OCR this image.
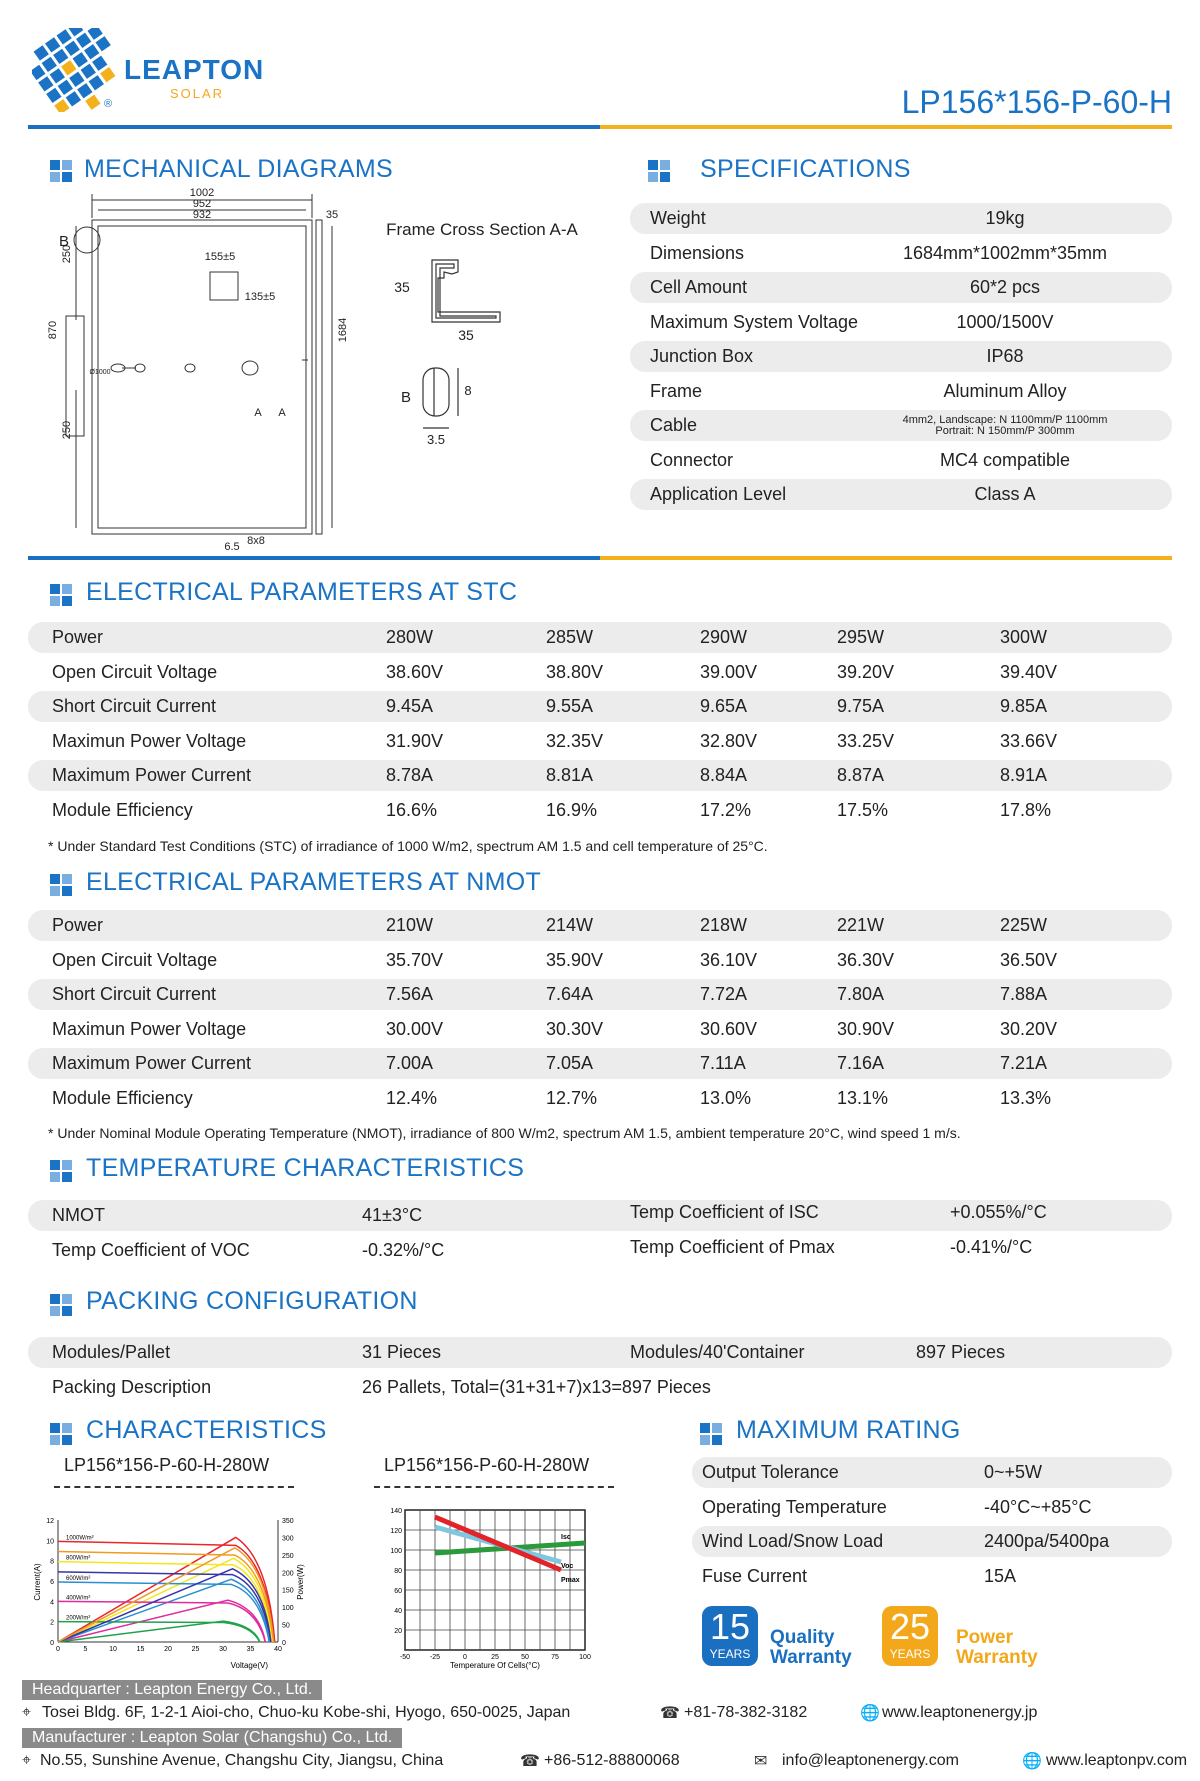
LEAPTON
SOLAR
®	LP156*156-P-60-H
MECHANICAL DIAGRAMS
1002
952
932	35
155±5
135±5
250
870	1684
250
6.5 8x8
A A
B
Ø1000
Frame Cross Section A-A
35
35
B	8
3.5
SPECIFICATIONS
Weight	19kg
Dimensions	1684mm*1002mm*35mm
Cell Amount	60*2 pcs
Maximum System Voltage	1000/1500V
Junction Box	IP68
Frame	Aluminum Alloy
Cable	4mm2, Landscape: N 1100mm/P 1100mm
Portrait: N 150mm/P 300mm
Connector	MC4 compatible
Application Level	Class A
ELECTRICAL PARAMETERS AT STC
Power	280W	285W	290W	295W	300W
Open Circuit Voltage	38.60V	38.80V	39.00V	39.20V	39.40V
Short Circuit Current	9.45A	9.55A	9.65A	9.75A	9.85A
Maximun Power Voltage	31.90V	32.35V	32.80V	33.25V	33.66V
Maximum Power Current	8.78A	8.81A	8.84A	8.87A	8.91A
Module Efficiency	16.6%	16.9%	17.2%	17.5%	17.8%
* Under Standard Test Conditions (STC) of irradiance of 1000 W/m2, spectrum AM 1.5 and cell temperature of 25°C.
ELECTRICAL PARAMETERS AT NMOT
Power	210W	214W	218W	221W	225W
Open Circuit Voltage	35.70V	35.90V	36.10V	36.30V	36.50V
Short Circuit Current	7.56A	7.64A	7.72A	7.80A	7.88A
Maximun Power Voltage	30.00V	30.30V	30.60V	30.90V	30.20V
Maximum Power Current	7.00A	7.05A	7.11A	7.16A	7.21A
Module Efficiency	12.4%	12.7%	13.0%	13.1%	13.3%
* Under Nominal Module Operating Temperature (NMOT), irradiance of 800 W/m2, spectrum AM 1.5, ambient temperature 20°C, wind speed 1 m/s.
TEMPERATURE CHARACTERISTICS
NMOT	41±3°C	Temp Coefficient of ISC	+0.055%/°C
Temp Coefficient of VOC	-0.32%/°C	Temp Coefficient of Pmax	-0.41%/°C
PACKING CONFIGURATION
Modules/Pallet	31 Pieces	Modules/40'Container	897 Pieces
Packing Description	26 Pallets, Total=(31+31+7)x13=897 Pieces
CHARACTERISTICS
LP156*156-P-60-H-280W	LP156*156-P-60-H-280W
0
2
4
6
8
10
12
0
50
100
150
200
250
300
350
0	5	10	15	20	25	30	35	40
Voltage(V)
Current(A)	Power(W)
1000W/m²
800W/m²
600W/m²
400W/m²
200W/m²
20
40
60
80
100
120
140
-50	-25	0	25	50	75	100
Temperature Of Cells(°C)
Isc
Voc
Pmax
MAXIMUM RATING
Output Tolerance	0~+5W
Operating Temperature	-40°C~+85°C
Wind Load/Snow Load	2400pa/5400pa
Fuse Current	15A
15
YEARS
Quality
Warranty
25
YEARS
Power
Warranty
Headquarter : Leapton Energy Co., Ltd.
⌖ Tosei Bldg. 6F, 1-2-1 Aioi-cho, Chuo-ku Kobe-shi, Hyogo, 650-0025, Japan	☎ +81-78-382-3182	🌐 www.leaptonenergy.jp
Manufacturer : Leapton Solar (Changshu) Co., Ltd.
⌖ No.55, Sunshine Avenue, Changshu City, Jiangsu, China	☎ +86-512-88800068	✉ info@leaptonenergy.com	🌐 www.leaptonpv.com
